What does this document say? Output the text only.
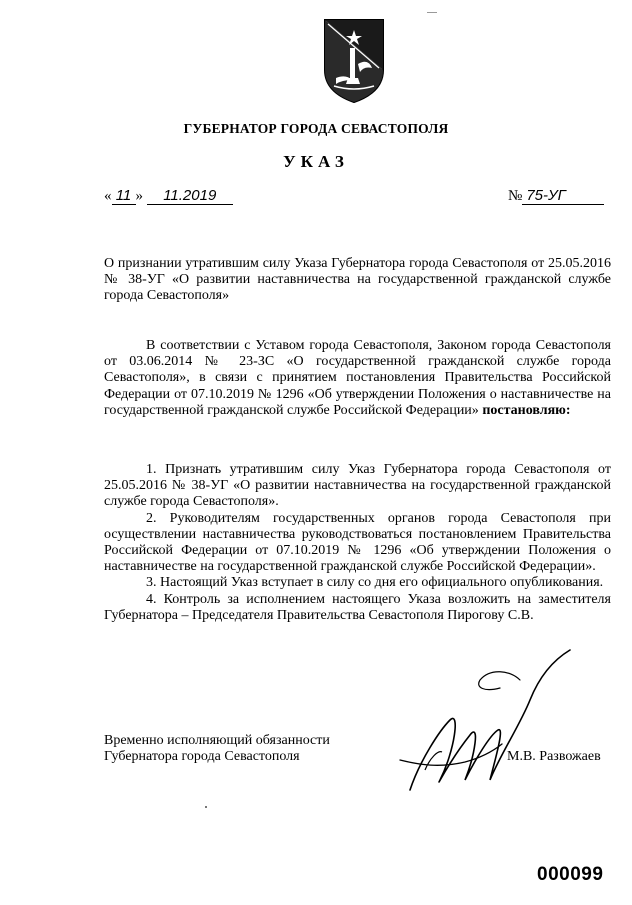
ГУБЕРНАТОР ГОРОДА СЕВАСТОПОЛЯ
УКАЗ
« 11 » 11.2019	№ 75-УГ
О признании утратившим силу Указа Губернатора города Севастополя от 25.05.2016 № 38-УГ «О развитии наставничества на государственной гражданской службе города Севастополя»

В соответствии с Уставом города Севастополя, Законом города Севастополя от 03.06.2014 № 23-ЗС «О государственной гражданской службе города Севастополя», в связи с принятием постановления Правительства Российской Федерации от 07.10.2019 № 1296 «Об утверждении Положения о наставничестве на государственной гражданской службе Российской Федерации» постановляю:

1. Признать утратившим силу Указ Губернатора города Севастополя от 25.05.2016 № 38-УГ «О развитии наставничества на государственной гражданской службе города Севастополя».

2. Руководителям государственных органов города Севастополя при осуществлении наставничества руководствоваться постановлением Правительства Российской Федерации от 07.10.2019 № 1296 «Об утверждении Положения о наставничестве на государственной гражданской службе Российской Федерации».

3. Настоящий Указ вступает в силу со дня его официального опубликования.

4. Контроль за исполнением настоящего Указа возложить на заместителя Губернатора – Председателя Правительства Севастополя Пирогову С.В.

Временно исполняющий обязанности
Губернатора города Севастополя	М.В. Развожаев
000099
